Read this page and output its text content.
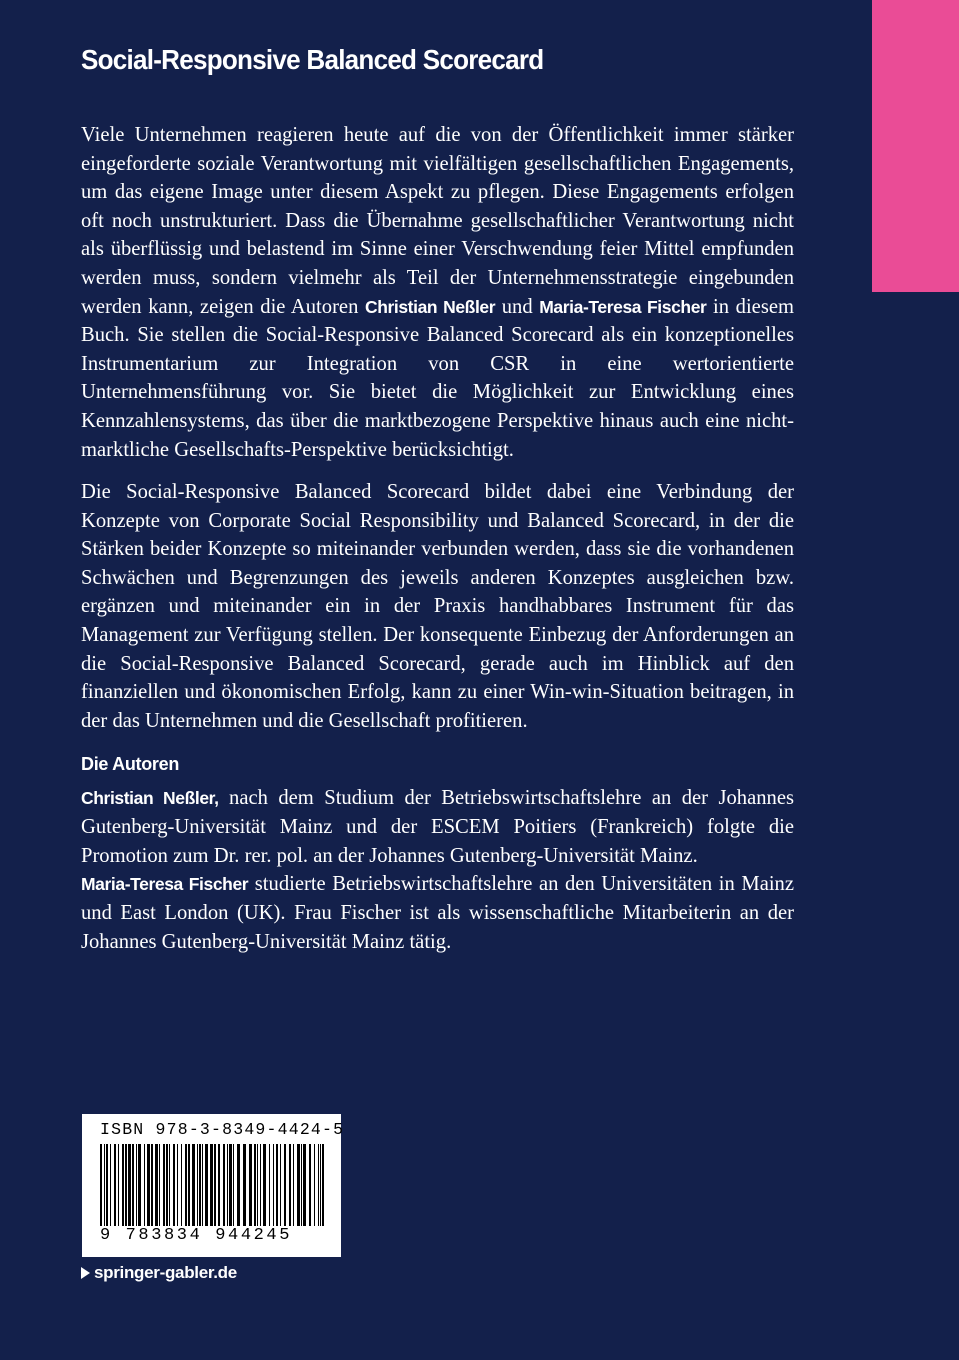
Social-Responsive Balanced Scorecard

Viele Unternehmen reagieren heute auf die von der Öffentlichkeit immer stärker eingeforderte soziale Verantwortung mit vielfältigen gesellschaftlichen Engagements, um das eigene Image unter diesem Aspekt zu pflegen. Diese Engagements erfolgen oft noch unstrukturiert. Dass die Übernahme gesellschaftlicher Verantwortung nicht als überflüssig und belastend im Sinne einer Verschwendung feier Mittel empfunden werden muss, sondern vielmehr als Teil der Unternehmensstrategie eingebunden werden kann, zeigen die Autoren Christian Neßler und Maria-Teresa Fischer in diesem Buch. Sie stellen die Social-Responsive Balanced Scorecard als ein konzeptionelles Instrumentarium zur Integration von CSR in eine wertorientierte Unternehmensführung vor. Sie bietet die Möglichkeit zur Entwicklung eines Kennzahlensystems, das über die marktbezogene Perspektive hinaus auch eine nicht-marktliche Gesellschafts-Perspektive berücksichtigt.

Die Social-Responsive Balanced Scorecard bildet dabei eine Verbindung der Konzepte von Corporate Social Responsibility und Balanced Scorecard, in der die Stärken beider Konzepte so miteinander verbunden werden, dass sie die vorhandenen Schwächen und Begrenzungen des jeweils anderen Konzeptes ausgleichen bzw. ergänzen und miteinander ein in der Praxis handhabbares Instrument für das Management zur Verfügung stellen. Der konsequente Einbezug der Anforderungen an die Social-Responsive Balanced Scorecard, gerade auch im Hinblick auf den finanziellen und ökonomischen Erfolg, kann zu einer Win-win-Situation beitragen, in der das Unternehmen und die Gesellschaft profitieren.

Die Autoren

Christian Neßler, nach dem Studium der Betriebswirtschaftslehre an der Johannes Gutenberg-Universität Mainz und der ESCEM Poitiers (Frankreich) folgte die Promotion zum Dr. rer. pol. an der Johannes Gutenberg-Universität Mainz.
Maria-Teresa Fischer studierte Betriebswirtschaftslehre an den Universitäten in Mainz und East London (UK). Frau Fischer ist als wissenschaftliche Mitarbeiterin an der Johannes Gutenberg-Universität Mainz tätig.

ISBN 978-3-8349-4424-5
9 783834 944245
springer-gabler.de
